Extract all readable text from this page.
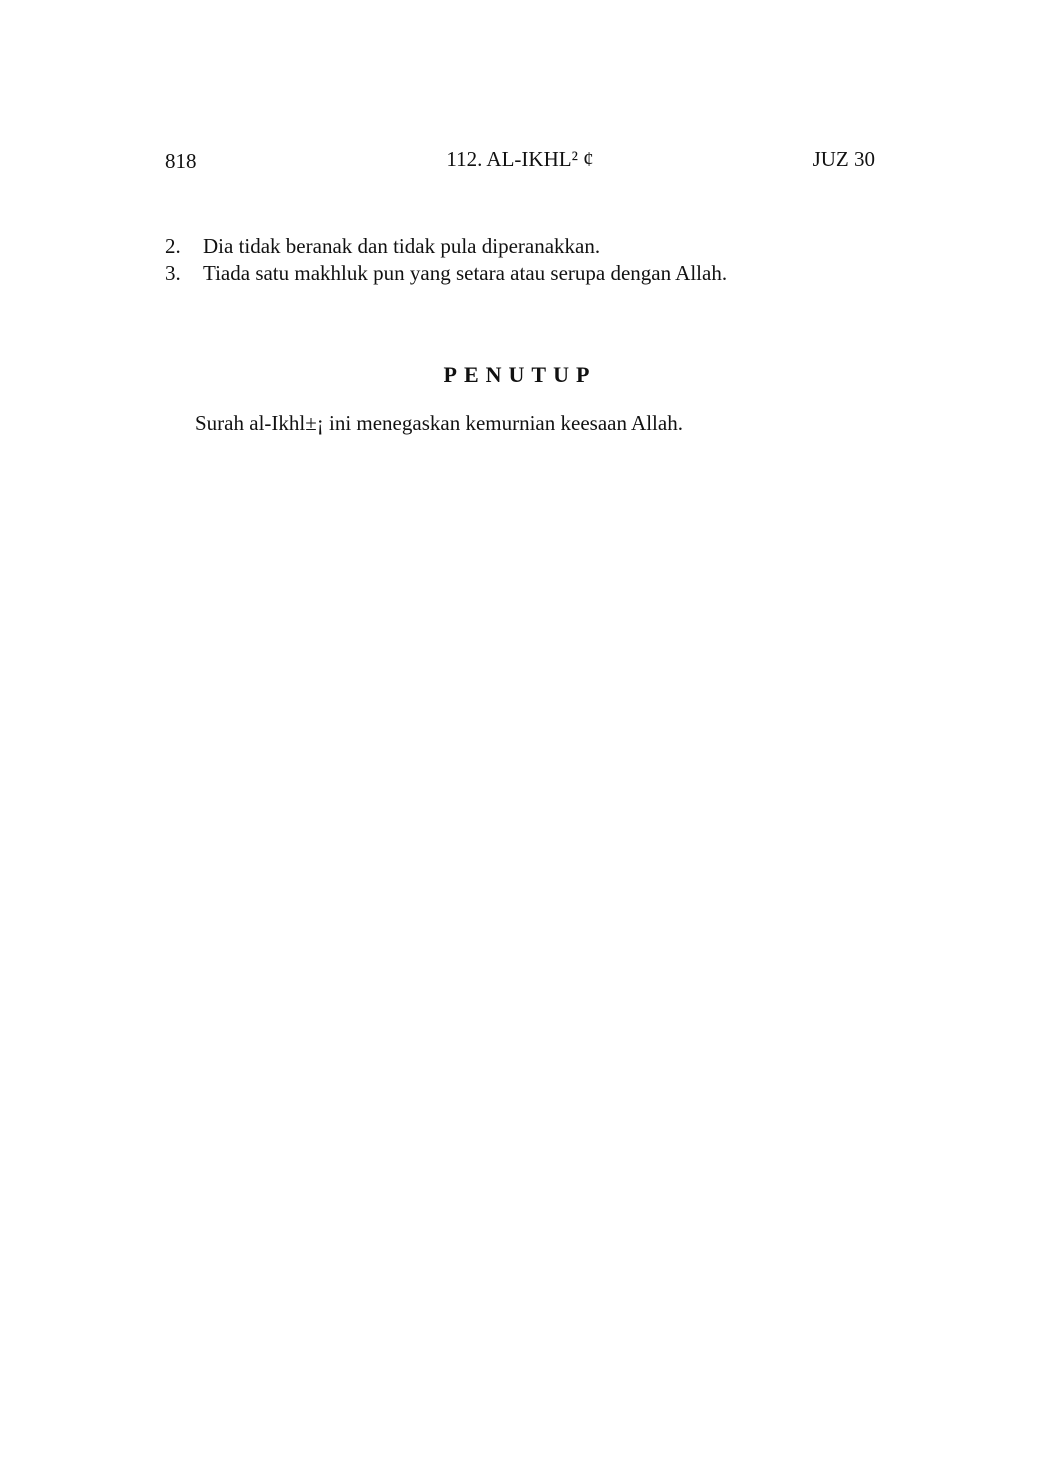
818	112. AL-IKHL² ¢	JUZ 30
2.	Dia tidak beranak dan tidak pula diperanakkan.
3.	Tiada satu makhluk pun yang setara atau serupa dengan Allah.
PENUTUP

Surah al-Ikhl±¡ ini menegaskan kemurnian keesaan Allah.
